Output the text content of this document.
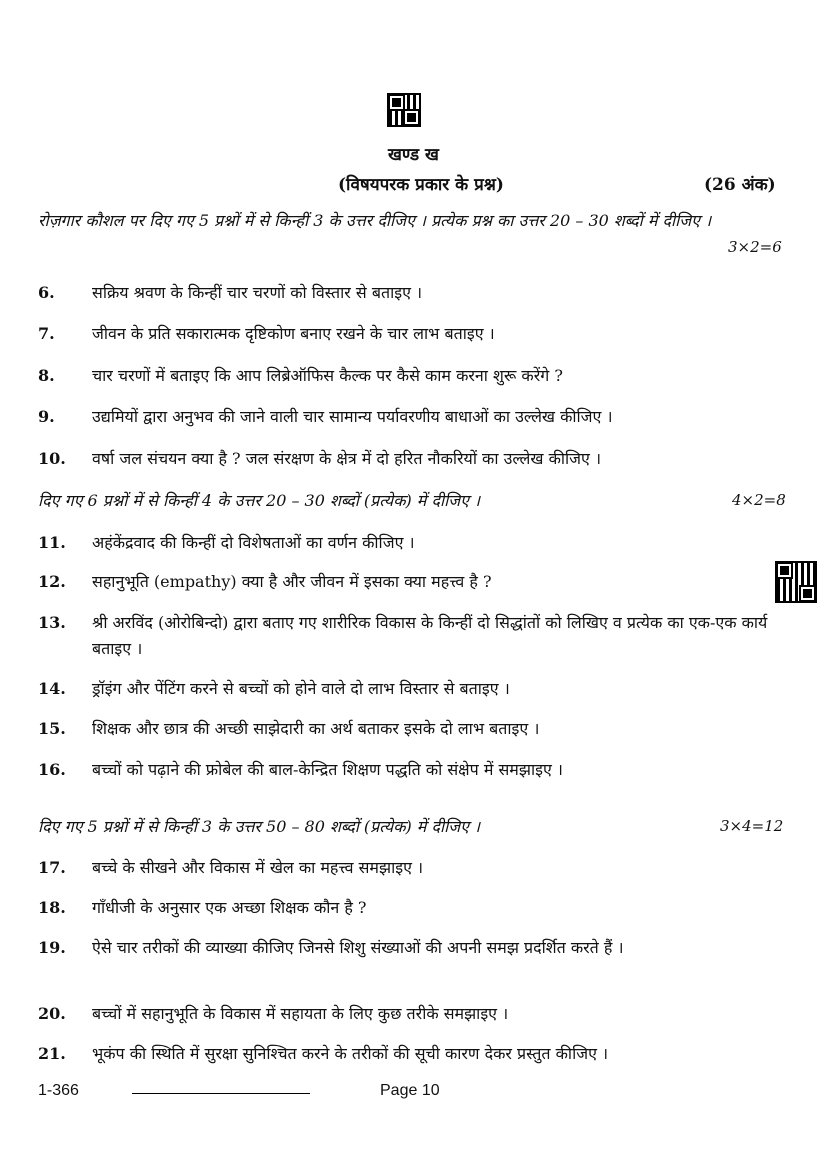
खण्ड ख
(विषयपरक प्रकार के प्रश्न)	(26 अंक)
रोज़गार कौशल पर दिए गए 5 प्रश्नों में से किन्हीं 3 के उत्तर दीजिए । प्रत्येक प्रश्न का उत्तर 20 – 30 शब्दों में दीजिए ।
3×2=6
6.	सक्रिय श्रवण के किन्हीं चार चरणों को विस्तार से बताइए ।
7.	जीवन के प्रति सकारात्मक दृष्टिकोण बनाए रखने के चार लाभ बताइए ।
8.	चार चरणों में बताइए कि आप लिब्रेऑफिस कैल्क पर कैसे काम करना शुरू करेंगे ?
9.	उद्यमियों द्वारा अनुभव की जाने वाली चार सामान्य पर्यावरणीय बाधाओं का उल्लेख कीजिए ।
10.	वर्षा जल संचयन क्या है ? जल संरक्षण के क्षेत्र में दो हरित नौकरियों का उल्लेख कीजिए ।
दिए गए 6 प्रश्नों में से किन्हीं 4 के उत्तर 20 – 30 शब्दों (प्रत्येक) में दीजिए ।	4×2=8
11.	अहंकेंद्रवाद की किन्हीं दो विशेषताओं का वर्णन कीजिए ।
12.	सहानुभूति (empathy) क्या है और जीवन में इसका क्या महत्त्व है ?
13.	श्री अरविंद (ओरोबिन्दो) द्वारा बताए गए शारीरिक विकास के किन्हीं दो सिद्धांतों को लिखिए व प्रत्येक का एक-एक कार्य बताइए ।
14.	ड्रॉइंग और पेंटिंग करने से बच्चों को होने वाले दो लाभ विस्तार से बताइए ।
15.	शिक्षक और छात्र की अच्छी साझेदारी का अर्थ बताकर इसके दो लाभ बताइए ।
16.	बच्चों को पढ़ाने की फ्रोबेल की बाल-केन्द्रित शिक्षण पद्धति को संक्षेप में समझाइए ।
दिए गए 5 प्रश्नों में से किन्हीं 3 के उत्तर 50 – 80 शब्दों (प्रत्येक) में दीजिए ।	3×4=12
17.	बच्चे के सीखने और विकास में खेल का महत्त्व समझाइए ।
18.	गाँधीजी के अनुसार एक अच्छा शिक्षक कौन है ?
19.	ऐसे चार तरीकों की व्याख्या कीजिए जिनसे शिशु संख्याओं की अपनी समझ प्रदर्शित करते हैं ।
20.	बच्चों में सहानुभूति के विकास में सहायता के लिए कुछ तरीके समझाइए ।
21.	भूकंप की स्थिति में सुरक्षा सुनिश्चित करने के तरीकों की सूची कारण देकर प्रस्तुत कीजिए ।
1-366	Page 10
